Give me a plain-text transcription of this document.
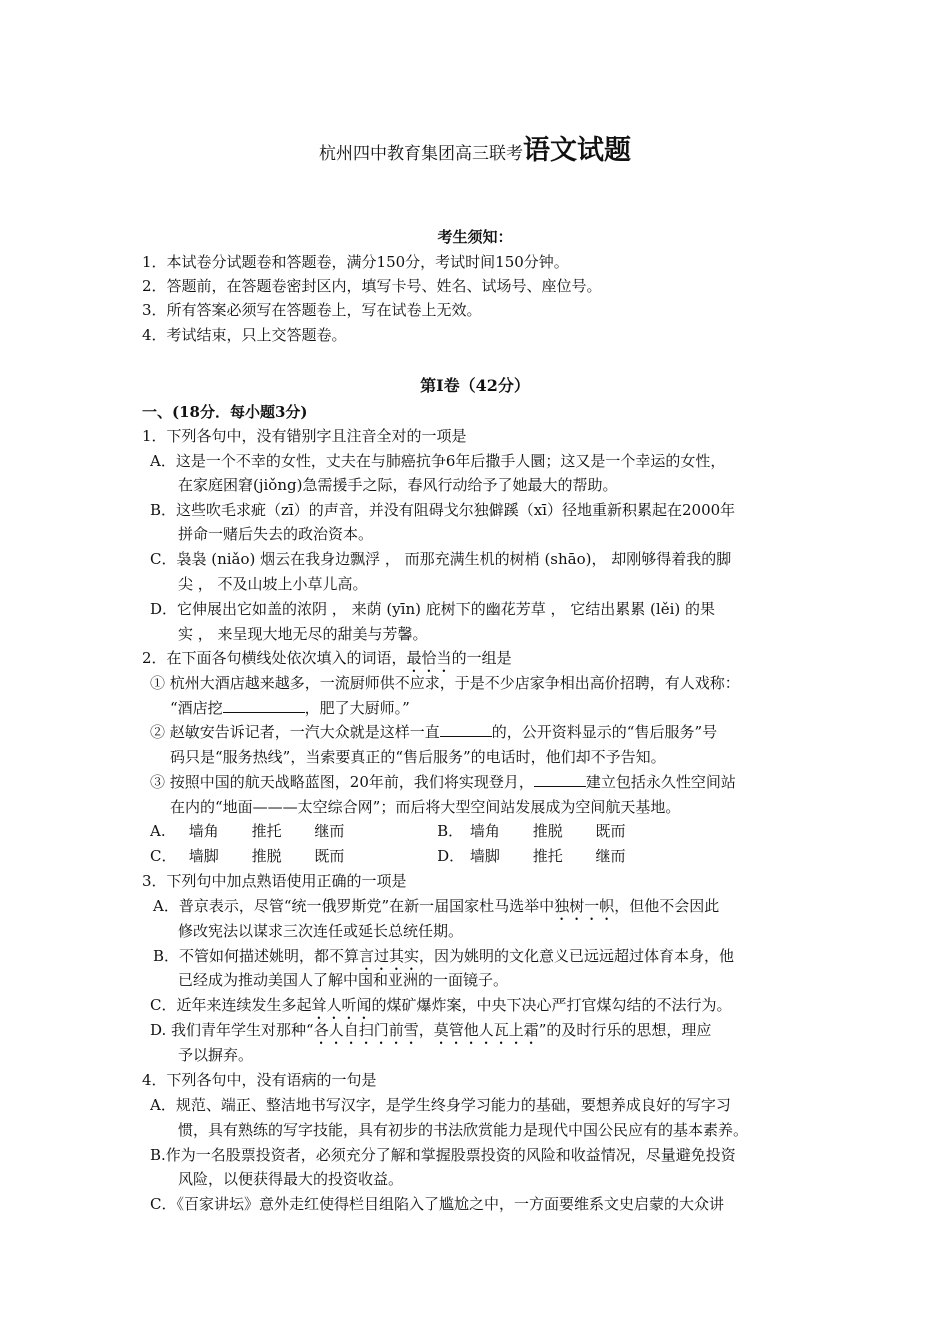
杭州四中教育集团高三联考语文试题
考生须知：
1．本试卷分试题卷和答题卷，满分150分，考试时间150分钟。
2．答题前，在答题卷密封区内，填写卡号、姓名、试场号、座位号。
3．所有答案必须写在答题卷上，写在试卷上无效。
4．考试结束，只上交答题卷。
第Ⅰ卷（42分）
一、(18分．每小题3分)
1．下列各句中，没有错别字且注音全对的一项是
A．这是一个不幸的女性，丈夫在与肺癌抗争6年后撒手人圜；这又是一个幸运的女性，
在家庭困窘(jiǒng)急需援手之际，春风行动给予了她最大的帮助。
B．这些吹毛求疵（zī）的声音，并没有阻碍戈尔独僻蹊（xī）径地重新积累起在2000年
拼命一赌后失去的政治资本。
C．袅袅 (niǎo) 烟云在我身边飘浮 ， 而那充满生机的树梢 (shāo)， 却刚够得着我的脚
尖 ， 不及山坡上小草儿高。
D．它伸展出它如盖的浓阴 ， 来荫 (yīn) 庇树下的幽花芳草 ， 它结出累累 (lěi) 的果
实 ， 来呈现大地无尽的甜美与芳馨。
2．在下面各句横线处依次填入的词语，最恰当的一组是
① 杭州大酒店越来越多，一流厨师供不应求，于是不少店家争相出高价招聘，有人戏称：
“酒店挖	，肥了大厨师。”
② 赵敏安告诉记者，一汽大众就是这样一直	的，公开资料显示的“售后服务”号
码只是“服务热线”，当索要真正的“售后服务”的电话时，他们却不予告知。
③ 按照中国的航天战略蓝图，20年前，我们将实现登月，	建立包括永久性空间站
在内的“地面———太空综合网”；而后将大型空间站发展成为空间航天基地。
A. 墙角 推托 继而	B． 墙角 推脱 既而
C． 墙脚 推脱 既而	D． 墙脚 推托 继而
3．下列句中加点熟语使用正确的一项是
A．普京表示，尽管“统一俄罗斯党”在新一届国家杜马选举中独树一帜，但他不会因此
修改宪法以谋求三次连任或延长总统任期。
B．不管如何描述姚明，都不算言过其实，因为姚明的文化意义已远远超过体育本身，他
已经成为推动美国人了解中国和亚洲的一面镜子。
C．近年来连续发生多起耸人听闻的煤矿爆炸案，中央下决心严打官煤勾结的不法行为。
D. 我们青年学生对那种“各人自扫门前雪，莫管他人瓦上霜”的及时行乐的思想，理应
予以摒弃。
4．下列各句中，没有语病的一句是
A．规范、端正、整洁地书写汉字，是学生终身学习能力的基础，要想养成良好的写字习
惯，具有熟练的写字技能，具有初步的书法欣赏能力是现代中国公民应有的基本素养。
B.作为一名股票投资者，必须充分了解和掌握股票投资的风险和收益情况，尽量避免投资
风险，以便获得最大的投资收益。
C．《百家讲坛》意外走红使得栏目组陷入了尴尬之中，一方面要维系文史启蒙的大众讲
